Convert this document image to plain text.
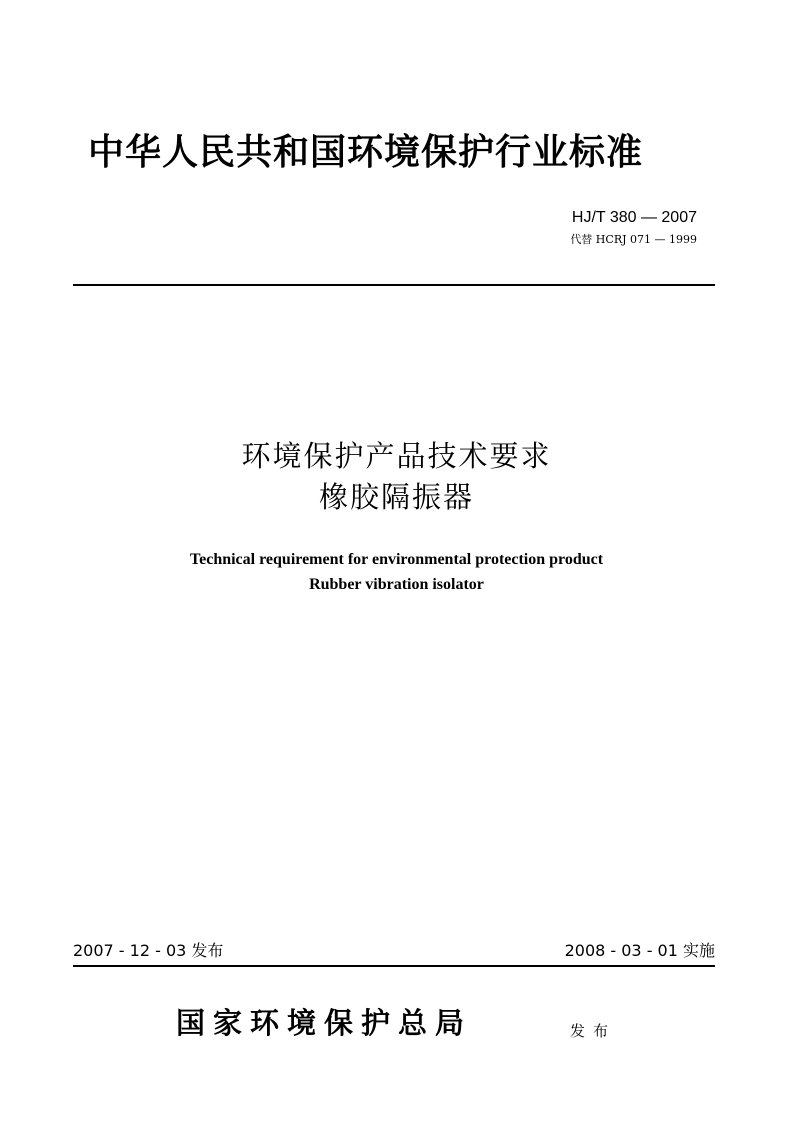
中华人民共和国环境保护行业标准
HJ/T 380 — 2007
代替 HCRJ 071 — 1999
环境保护产品技术要求
橡胶隔振器
Technical requirement for environmental protection product
Rubber vibration isolator
2007 - 12 - 03 发布	2008 - 03 - 01 实施
国家环境保护总局	发布
